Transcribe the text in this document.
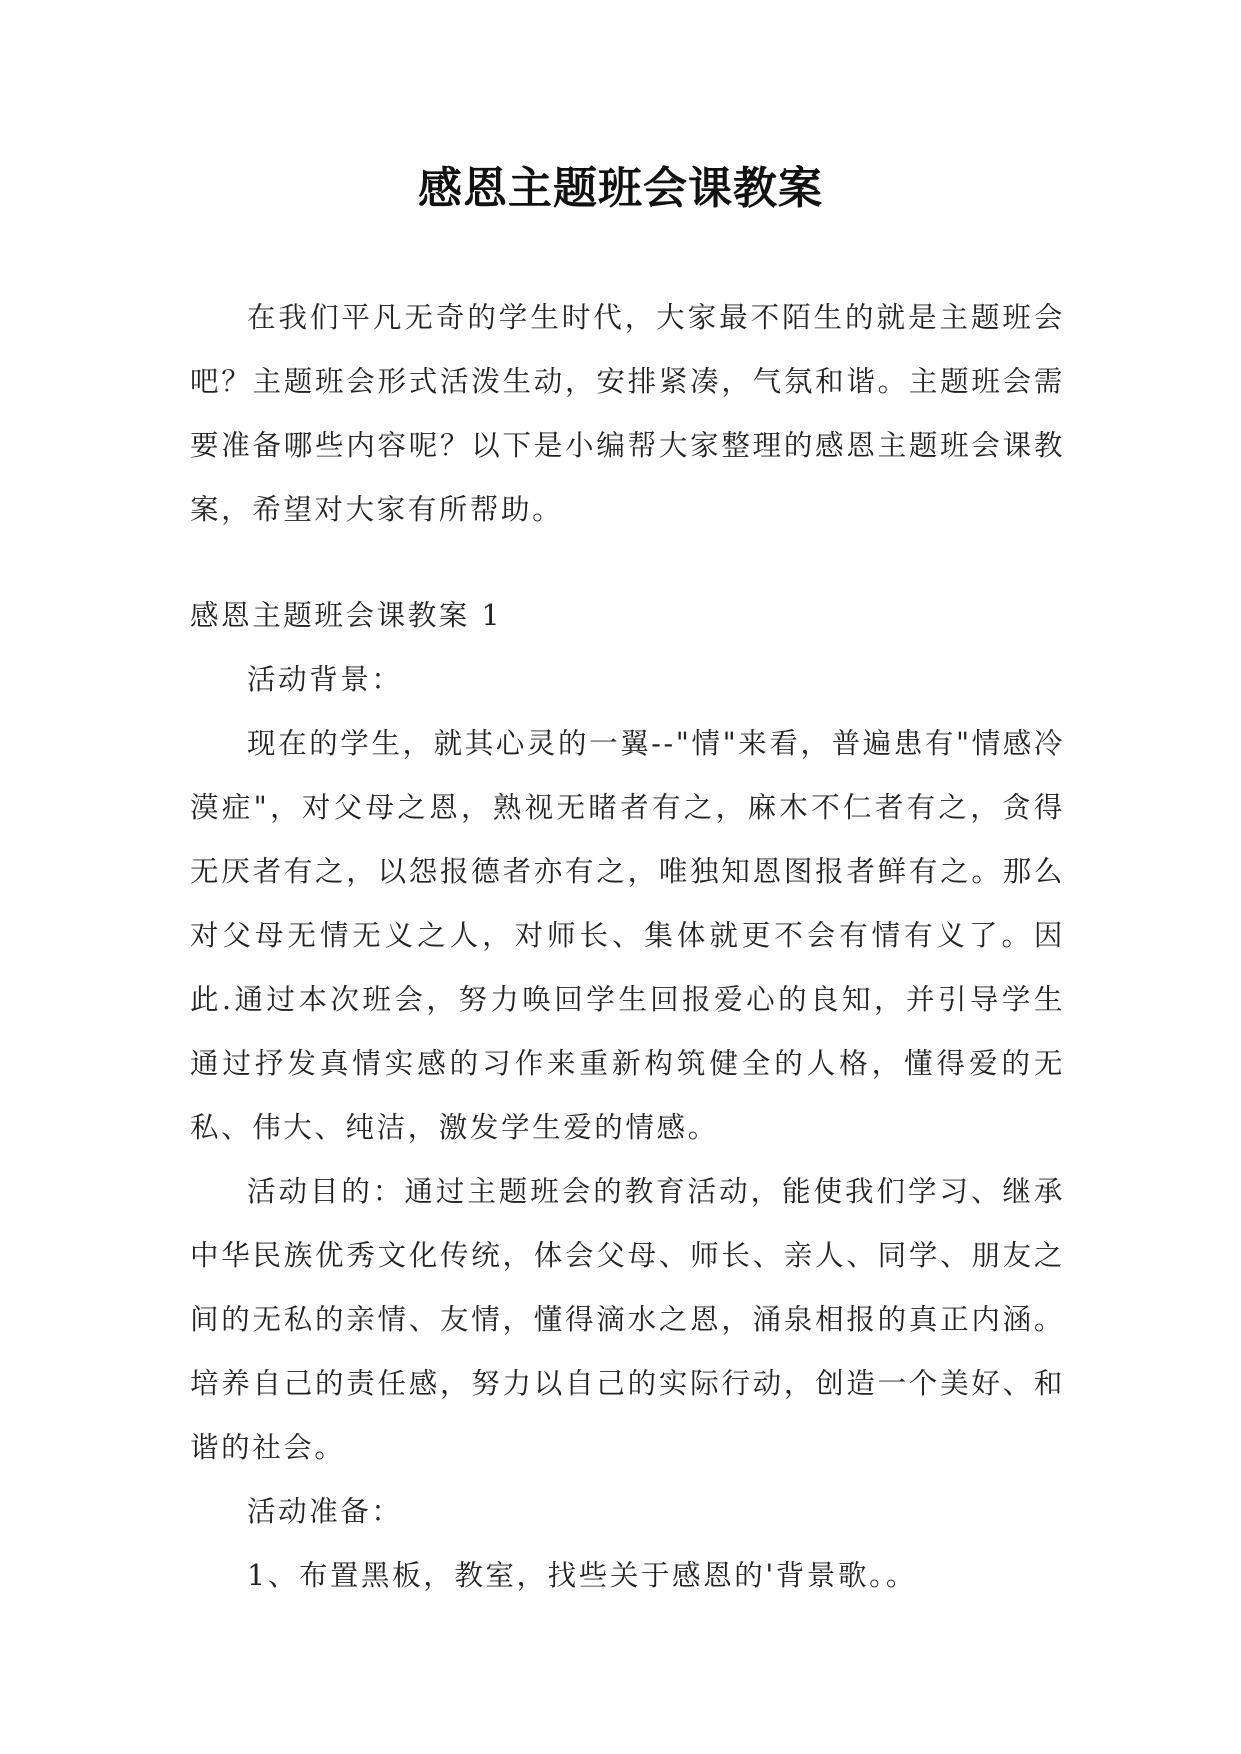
感恩主题班会课教案

在我们平凡无奇的学生时代，大家最不陌生的就是主题班会吧？主题班会形式活泼生动，安排紧凑，气氛和谐。主题班会需要准备哪些内容呢？以下是小编帮大家整理的感恩主题班会课教案，希望对大家有所帮助。

感恩主题班会课教案 1

活动背景：

现在的学生，就其心灵的一翼--"情"来看，普遍患有"情感冷漠症"，对父母之恩，熟视无睹者有之，麻木不仁者有之，贪得无厌者有之，以怨报德者亦有之，唯独知恩图报者鲜有之。那么对父母无情无义之人，对师长、集体就更不会有情有义了。因此.通过本次班会，努力唤回学生回报爱心的良知，并引导学生通过抒发真情实感的习作来重新构筑健全的人格，懂得爱的无私、伟大、纯洁，激发学生爱的情感。

活动目的：通过主题班会的教育活动，能使我们学习、继承中华民族优秀文化传统，体会父母、师长、亲人、同学、朋友之间的无私的亲情、友情，懂得滴水之恩，涌泉相报的真正内涵。培养自己的责任感，努力以自己的实际行动，创造一个美好、和谐的社会。

活动准备：

1、布置黑板，教室，找些关于感恩的'背景歌。。
